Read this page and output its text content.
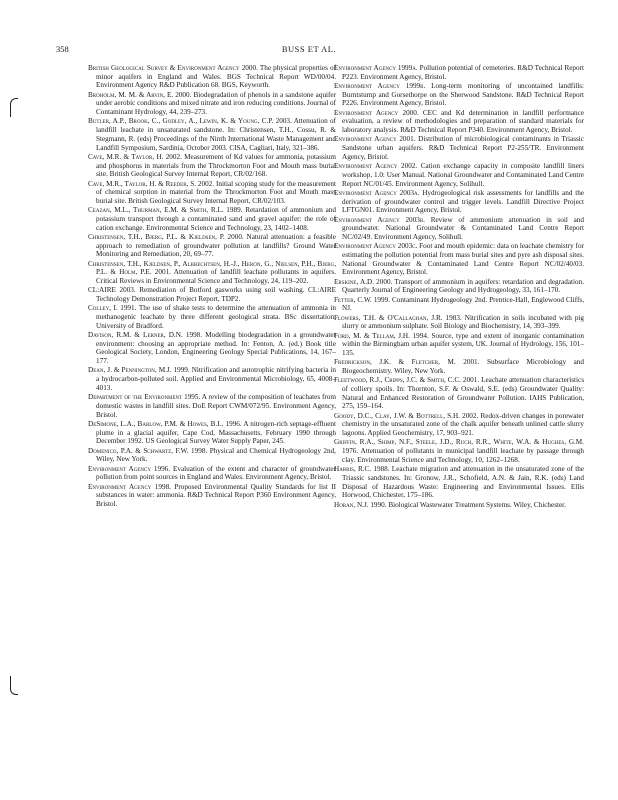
358	BUSS ET AL.

British Geological Survey & Environment Agency 2000. The physical properties of minor aquifers in England and Wales. BGS Technical Report WD/00/04. Environment Agency R&D Publication 68. BGS, Keyworth.

Broholm, M. M. & Arvin, E. 2000. Biodegradation of phenols in a sandstone aquifer under aerobic conditions and mixed nitrate and iron reducing conditions. Journal of Contaminant Hydrology, 44, 239–273.

Butler, A.P., Brook, C., Godley, A., Lewin, K. & Young, C.P. 2003. Attenuation of landfill leachate in unsaturated sandstone. In: Christensen, T.H., Cossu, R. & Stegmann, R. (eds) Proceedings of the Ninth International Waste Management and Landfill Symposium, Sardinia, October 2003. CISA, Cagliari, Italy, 321–386.

Cave, M.R. & Taylor, H. 2002. Measurement of Kd values for ammonia, potassium and phosphorus in materials from the Throckmorton Foot and Mouth mass burial site. British Geological Survey Internal Report, CR/02/168.

Cave, M.R., Taylor, H. & Reeder, S. 2002. Initial scoping study for the measurement of chemical sorption in material from the Throckmorton Foot and Mouth mass burial site. British Geological Survey Internal Report, CR/02/103.

Ceazan, M.L., Thurman, E.M. & Smith, R.L. 1989. Retardation of ammonium and potassium transport through a contaminated sand and gravel aquifer: the role of cation exchange. Environmental Science and Technology, 23, 1402–1408.

Christensen, T.H., Bjerg, P.L. & Kjeldsen, P. 2000. Natural attenuation: a feasible approach to remediation of groundwater pollution at landfills? Ground Water Monitoring and Remediation, 20, 69–77.

Christensen, T.H., Kjeldsen, P., Albrechtsen, H.-J., Heron, G., Nielsen, P.H., Bjerg, P.L. & Holm, P.E. 2001. Attenuation of landfill leachate pollutants in aquifers. Critical Reviews in Environmental Science and Technology, 24, 119–202.

CL:AIRE 2003. Remediation of Botford gasworks using soil washing. CL:AIRE Technology Demonstration Project Report, TDP2.

Colley, I. 1991. The use of shake tests to determine the attenuation of ammonia in methanogenic leachate by three different geological strata. BSc dissertation, University of Bradford.

Davison, R.M. & Lerner, D.N. 1998. Modelling biodegradation in a groundwater environment: choosing an appropriate method. In: Fenton, A. (ed.) Book title Geological Society, London, Engineering Geology Special Publications, 14, 167–177.

Dean, J. & Pennington, M.J. 1999. Nitrification and autotrophic nitrifying bacteria in a hydrocarbon-polluted soil. Applied and Environmental Microbiology, 65, 4008–4013.

Department of the Environment 1995. A review of the composition of leachates from domestic wastes in landfill sites. DoE Report CWM/072/95. Environment Agency, Bristol.

DeSimone, L.A., Barlow, P.M. & Howes, B.L. 1996. A nitrogen-rich septage-effluent plume in a glacial aquifer, Cape Cod, Massachusetts, February 1990 through December 1992. US Geological Survey Water Supply Paper, 245.

Domenico, P.A. & Schwartz, F.W. 1998. Physical and Chemical Hydrogeology 2nd, Wiley, New York.

Environment Agency 1996. Evaluation of the extent and character of groundwater pollution from point sources in England and Wales. Environment Agency, Bristol.

Environment Agency 1998. Proposed Environmental Quality Standards for list II substances in water: ammonia. R&D Technical Report P360 Environment Agency, Bristol.

Environment Agency 1999a. Pollution potential of cemeteries. R&D Technical Report P223. Environment Agency, Bristol.

Environment Agency 1999b. Long-term monitoring of uncontained landfills: Burntstump and Gorsethorpe on the Sherwood Sandstone. R&D Technical Report P226. Environment Agency, Bristol.

Environment Agency 2000. CEC and Kd determination in landfill performance evaluation, a review of methodologies and preparation of standard materials for laboratory analysis. R&D Technical Report P340. Environment Agency, Bristol.

Environment Agency 2001. Distribution of microbiological contaminants in Triassic Sandstone urban aquifers. R&D Technical Report P2-255/TR. Environment Agency, Bristol.

Environment Agency 2002. Cation exchange capacity in composite landfill liners workshop, 1.0: User Manual. National Groundwater and Contaminated Land Centre Report NC/01/45. Environment Agency, Solihull.

Environment Agency 2003a. Hydrogeological risk assessments for landfills and the derivation of groundwater control and trigger levels. Landfill Directive Project LFTGN01. Environment Agency, Bristol.

Environment Agency 2003b. Review of ammonium attenuation in soil and groundwater. National Groundwater & Contaminated Land Centre Report NC/02/49. Environment Agency, Solihull.

Environment Agency 2003c. Foot and mouth epidemic: data on leachate chemistry for estimating the pollution potential from mass burial sites and pyre ash disposal sites. National Groundwater & Contaminated Land Centre Report NC/02/40/03. Environment Agency, Bristol.

Erskine, A.D. 2000. Transport of ammonium in aquifers: retardation and degradation. Quarterly Journal of Engineering Geology and Hydrogeology, 33, 161–170.

Fetter, C.W. 1999. Contaminant Hydrogeology 2nd. Prentice-Hall, Englewood Cliffs, NJ.

Flowers, T.H. & O'Callaghan, J.R. 1983. Nitrification in soils incubated with pig slurry or ammonium sulphate. Soil Biology and Biochemistry, 14, 393–399.

Ford, M. & Tellam, J.H. 1994. Source, type and extent of inorganic contamination within the Birmingham urban aquifer system, UK. Journal of Hydrology, 156, 101–135.

Fredrickson, J.K. & Fletcher, M. 2001. Subsurface Microbiology and Biogeochemistry. Wiley, New York.

Fleetwood, R.J., Cripps, J.C. & Smith, C.C. 2001. Leachate attenuation characteristics of colliery spoils. In: Thornton, S.F. & Oswald, S.E. (eds) Groundwater Quality: Natural and Enhanced Restoration of Groundwater Pollution. IAHS Publication, 275, 159–164.

Goody, D.C., Clay, J.W. & Bottrell, S.H. 2002. Redox-driven changes in porewater chemistry in the unsaturated zone of the chalk aquifer beneath unlined cattle slurry lagoons. Applied Geochemistry, 17, 903–921.

Griffin, R.A., Shimp, N.F., Steele, J.D., Ruch, R.R., White, W.A. & Hughes, G.M. 1976. Attenuation of pollutants in municipal landfill leachate by passage through clay. Environmental Science and Technology, 10, 1262–1268.

Harris, R.C. 1988. Leachate migration and attenuation in the unsaturated zone of the Triassic sandstones. In: Gronow, J.R., Schofield, A.N. & Jain, R.K. (eds) Land Disposal of Hazardous Waste: Engineering and Environmental Issues. Ellis Horwood, Chichester, 175–186.

Horan, N.J. 1990. Biological Wastewater Treatment Systems. Wiley, Chichester.
